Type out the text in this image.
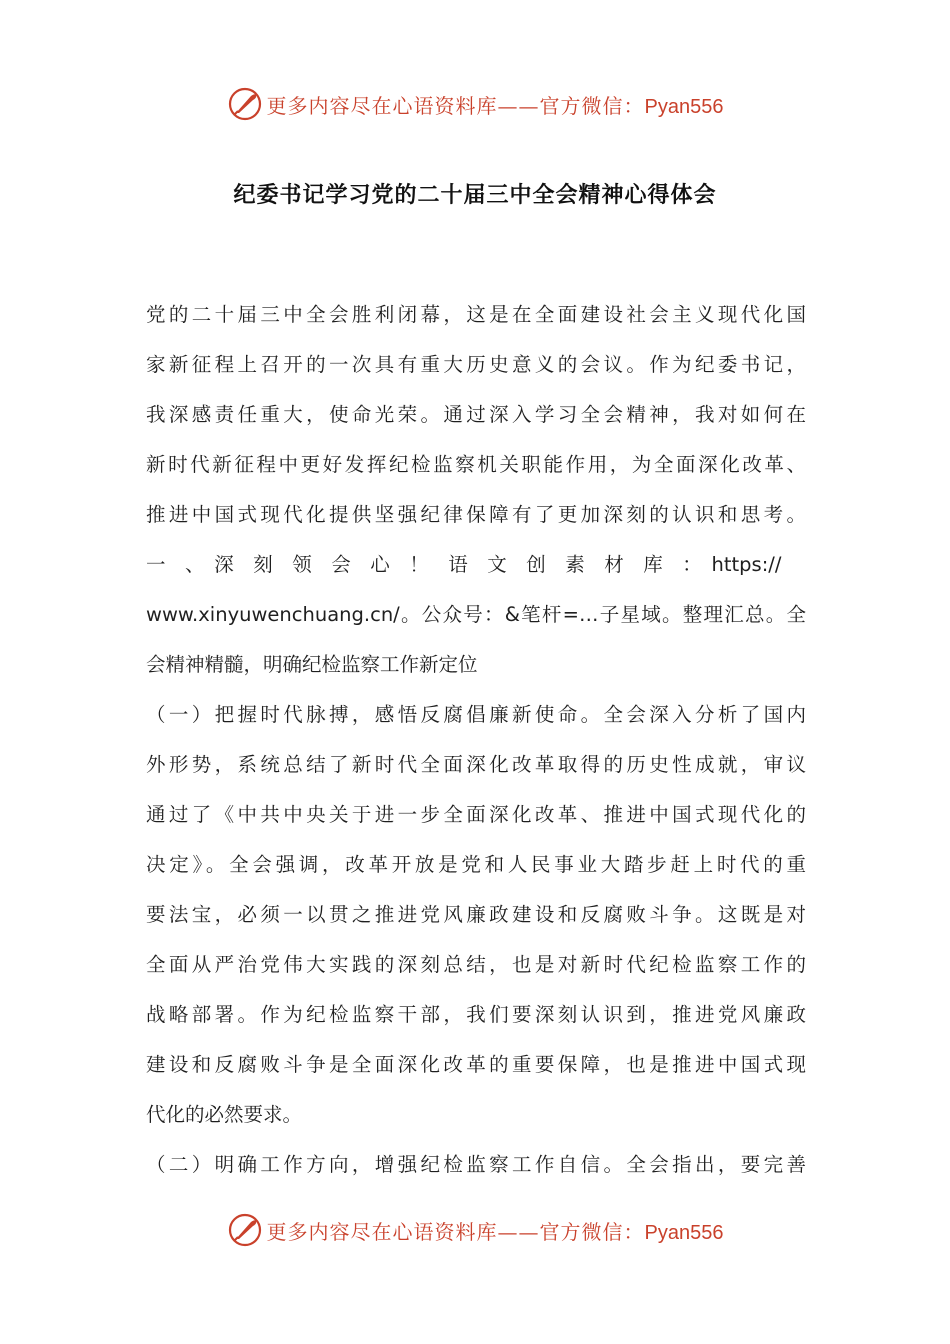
更多内容尽在心语资料库——官方微信：Pyan556
纪委书记学习党的二十届三中全会精神心得体会
党的二十届三中全会胜利闭幕，这是在全面建设社会主义现代化国
家新征程上召开的一次具有重大历史意义的会议。作为纪委书记，
我深感责任重大，使命光荣。通过深入学习全会精神，我对如何在
新时代新征程中更好发挥纪检监察机关职能作用，为全面深化改革、
推进中国式现代化提供坚强纪律保障有了更加深刻的认识和思考。
一　、　深　刻　领　会　心　！　语　文　创　素　材　库　：　https://
www.xinyuwenchuang.cn/。公众号：&笔杆=…子星域。整理汇总。全
会精神精髓，明确纪检监察工作新定位
（一）把握时代脉搏，感悟反腐倡廉新使命。全会深入分析了国内
外形势，系统总结了新时代全面深化改革取得的历史性成就，审议
通过了《中共中央关于进一步全面深化改革、推进中国式现代化的
决定》。全会强调，改革开放是党和人民事业大踏步赶上时代的重
要法宝，必须一以贯之推进党风廉政建设和反腐败斗争。这既是对
全面从严治党伟大实践的深刻总结，也是对新时代纪检监察工作的
战略部署。作为纪检监察干部，我们要深刻认识到，推进党风廉政
建设和反腐败斗争是全面深化改革的重要保障，也是推进中国式现
代化的必然要求。
（二）明确工作方向，增强纪检监察工作自信。全会指出，要完善
更多内容尽在心语资料库——官方微信：Pyan556
